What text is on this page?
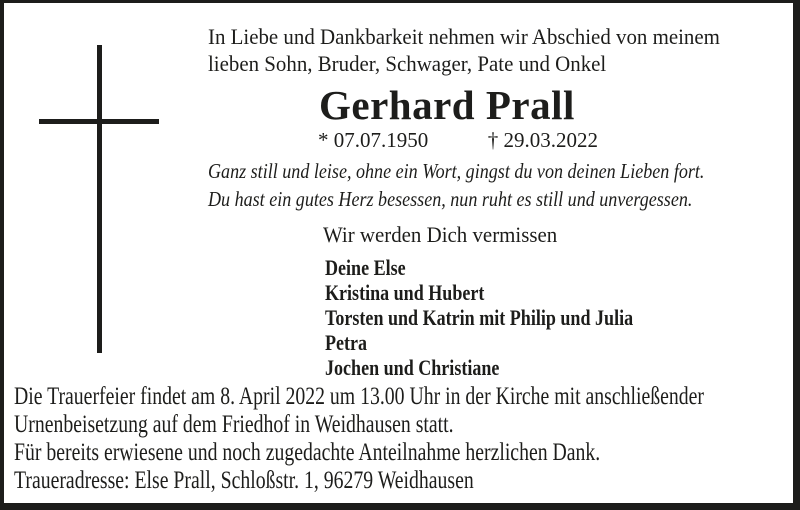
In Liebe und Dankbarkeit nehmen wir Abschied von meinem
lieben Sohn, Bruder, Schwager, Pate und Onkel
Gerhard Prall
* 07.07.1950	† 29.03.2022
Ganz still und leise, ohne ein Wort, gingst du von deinen Lieben fort.
Du hast ein gutes Herz besessen, nun ruht es still und unvergessen.
Wir werden Dich vermissen
Deine Else
Kristina und Hubert
Torsten und Katrin mit Philip und Julia
Petra
Jochen und Christiane
Die Trauerfeier findet am 8. April 2022 um 13.00 Uhr in der Kirche mit anschließender
Urnenbeisetzung auf dem Friedhof in Weidhausen statt.
Für bereits erwiesene und noch zugedachte Anteilnahme herzlichen Dank.
Traueradresse: Else Prall, Schloßstr. 1, 96279 Weidhausen
